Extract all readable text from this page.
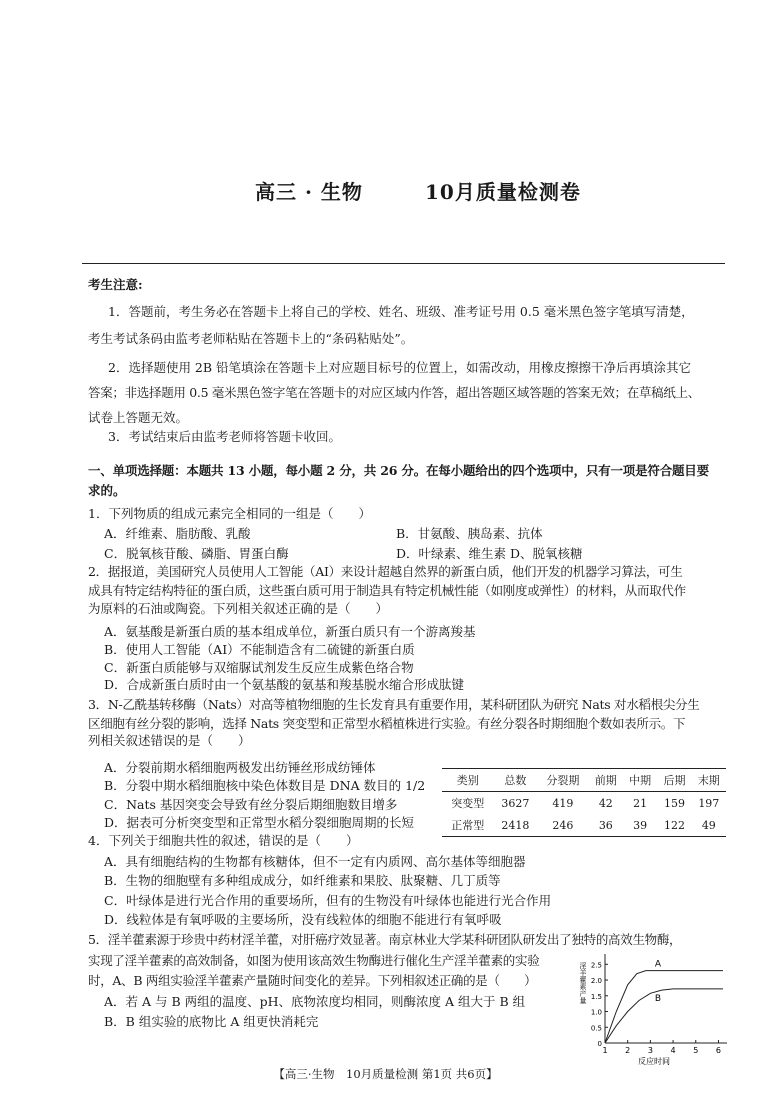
高三 · 生物	10月质量检测卷
考生注意:
1．答题前，考生务必在答题卡上将自己的学校、姓名、班级、准考证号用 0.5 毫米黑色签字笔填写清楚，
考生考试条码由监考老师粘贴在答题卡上的“条码粘贴处”。
2．选择题使用 2B 铅笔填涂在答题卡上对应题目标号的位置上，如需改动，用橡皮擦擦干净后再填涂其它
答案；非选择题用 0.5 毫米黑色签字笔在答题卡的对应区域内作答，超出答题区域答题的答案无效；在草稿纸上、
试卷上答题无效。
3．考试结束后由监考老师将答题卡收回。
一、单项选择题：本题共 13 小题，每小题 2 分，共 26 分。在每小题给出的四个选项中，只有一项是符合题目要
求的。
1．下列物质的组成元素完全相同的一组是（　　）
A．纤维素、脂肪酸、乳酸	B．甘氨酸、胰岛素、抗体
C．脱氧核苷酸、磷脂、胃蛋白酶	D．叶绿素、维生素 D、脱氧核糖
2．据报道，美国研究人员使用人工智能（AI）来设计超越自然界的新蛋白质，他们开发的机器学习算法，可生
成具有特定结构特征的蛋白质，这些蛋白质可用于制造具有特定机械性能（如刚度或弹性）的材料，从而取代作
为原料的石油或陶瓷。下列相关叙述正确的是（　　）
A．氨基酸是新蛋白质的基本组成单位，新蛋白质只有一个游离羧基
B．使用人工智能（AI）不能制造含有二硫键的新蛋白质
C．新蛋白质能够与双缩脲试剂发生反应生成紫色络合物
D．合成新蛋白质时由一个氨基酸的氨基和羧基脱水缩合形成肽键
3．N-乙酰基转移酶（Nats）对高等植物细胞的生长发育具有重要作用，某科研团队为研究 Nats 对水稻根尖分生
区细胞有丝分裂的影响，选择 Nats 突变型和正常型水稻植株进行实验。有丝分裂各时期细胞个数如表所示。下
列相关叙述错误的是（　　）
A．分裂前期水稻细胞两极发出纺锤丝形成纺锤体
B．分裂中期水稻细胞核中染色体数目是 DNA 数目的 1/2
C．Nats 基因突变会导致有丝分裂后期细胞数目增多
D．据表可分析突变型和正常型水稻分裂细胞周期的长短
类别	总数	分裂期	前期	中期	后期	末期
突变型	3627	419	42	21	159	197
正常型	2418	246	36	39	122	49
4．下列关于细胞共性的叙述，错误的是（　　）
A．具有细胞结构的生物都有核糖体，但不一定有内质网、高尔基体等细胞器
B．生物的细胞壁有多种组成成分，如纤维素和果胶、肽聚糖、几丁质等
C．叶绿体是进行光合作用的重要场所，但有的生物没有叶绿体也能进行光合作用
D．线粒体是有氧呼吸的主要场所，没有线粒体的细胞不能进行有氧呼吸
5．淫羊藿素源于珍贵中药材淫羊藿，对肝癌疗效显著。南京林业大学某科研团队研发出了独特的高效生物酶，
实现了淫羊藿素的高效制备，如图为使用该高效生物酶进行催化生产淫羊藿素的实验
时，A、B 两组实验淫羊藿素产量随时间变化的差异。下列相叙述正确的是（　　）
A．若 A 与 B 两组的温度、pH、底物浓度均相同，则酶浓度 A 组大于 B 组
B．B 组实验的底物比 A 组更快消耗完
1 2 3 4 5 6
0
0.5
1.0
1.5
2.0
2.5
反应时间
淫羊藿素产量	A
B
【高三·生物　10月质量检测 第1页 共6页】
